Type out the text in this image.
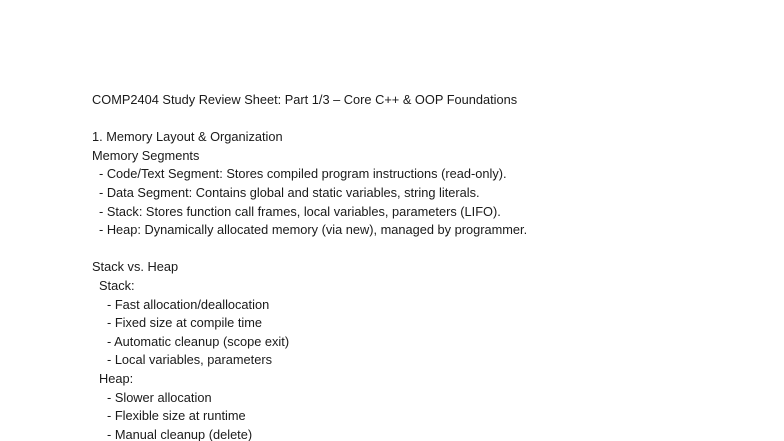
COMP2404 Study Review Sheet: Part 1/3 – Core C++ & OOP Foundations
1. Memory Layout & Organization
Memory Segments
- Code/Text Segment: Stores compiled program instructions (read-only).
- Data Segment: Contains global and static variables, string literals.
- Stack: Stores function call frames, local variables, parameters (LIFO).
- Heap: Dynamically allocated memory (via new), managed by programmer.
Stack vs. Heap
Stack:
- Fast allocation/deallocation
- Fixed size at compile time
- Automatic cleanup (scope exit)
- Local variables, parameters
Heap:
- Slower allocation
- Flexible size at runtime
- Manual cleanup (delete)
